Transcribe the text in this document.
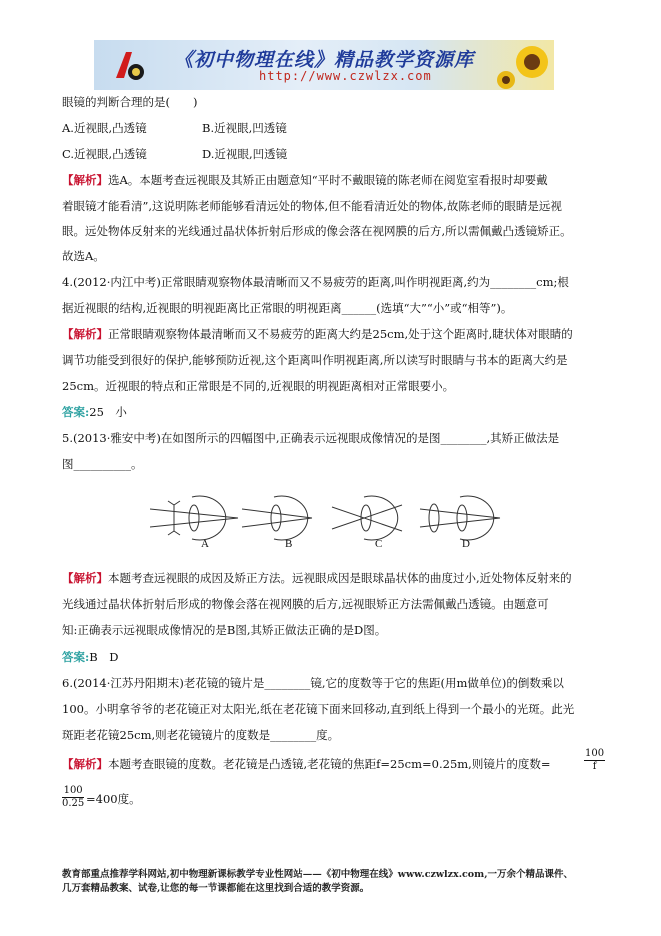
《初中物理在线》精品教学资源库
http://www.czwlzx.com
眼镜的判断合理的是(　　)
A.近视眼,凸透镜	B.近视眼,凹透镜
C.近视眼,凸透镜	D.近视眼,凹透镜
【解析】选A。本题考查远视眼及其矫正由题意知“平时不戴眼镜的陈老师在阅览室看报时却要戴
着眼镜才能看清”,这说明陈老师能够看清远处的物体,但不能看清近处的物体,故陈老师的眼睛是远视
眼。远处物体反射来的光线通过晶状体折射后形成的像会落在视网膜的后方,所以需佩戴凸透镜矫正。
故选A。
4.(2012·内江中考)正常眼睛观察物体最清晰而又不易疲劳的距离,叫作明视距离,约为________cm;根
据近视眼的结构,近视眼的明视距离比正常眼的明视距离______(选填“大”“小”或“相等”)。
【解析】正常眼睛观察物体最清晰而又不易疲劳的距离大约是25cm,处于这个距离时,睫状体对眼睛的
调节功能受到很好的保护,能够预防近视,这个距离叫作明视距离,所以读写时眼睛与书本的距离大约是
25cm。近视眼的特点和正常眼是不同的,近视眼的明视距离相对正常眼要小。
答案:25　小
5.(2013·雅安中考)在如图所示的四幅图中,正确表示远视眼成像情况的是图________,其矫正做法是
图__________。
A	B	C	D
【解析】本题考查远视眼的成因及矫正方法。远视眼成因是眼球晶状体的曲度过小,近处物体反射来的
光线通过晶状体折射后形成的物像会落在视网膜的后方,远视眼矫正方法需佩戴凸透镜。由题意可
知:正确表示远视眼成像情况的是B图,其矫正做法正确的是D图。
答案:B　D
6.(2014·江苏丹阳期末)老花镜的镜片是________镜,它的度数等于它的焦距(用m做单位)的倒数乘以
100。小明拿爷爷的老花镜正对太阳光,纸在老花镜下面来回移动,直到纸上得到一个最小的光斑。此光
斑距老花镜25cm,则老花镜镜片的度数是________度。
【解析】本题考查眼镜的度数。老花镜是凸透镜,老花镜的焦距f=25cm=0.25m,则镜片的度数=	$\frac{100}{f}$
$\frac{100}{0.25} =400$度。
教育部重点推荐学科网站,初中物理新课标教学专业性网站——《初中物理在线》www.czwlzx.com,一万余个精品课件、
几万套精品教案、试卷,让您的每一节课都能在这里找到合适的教学资源。
